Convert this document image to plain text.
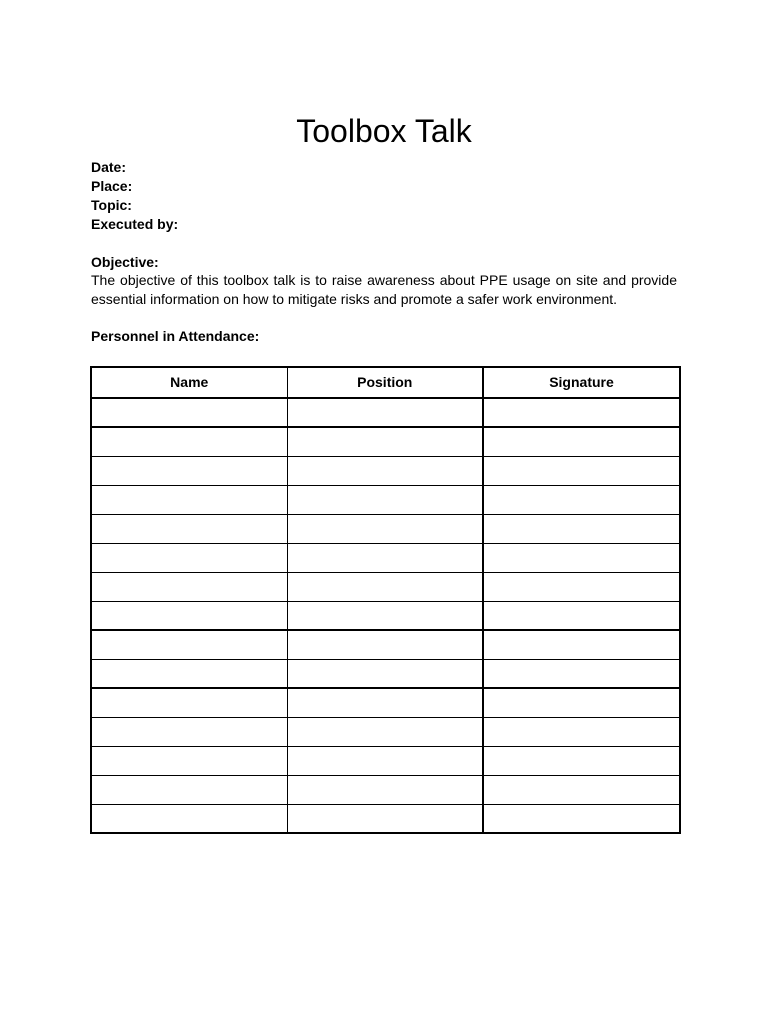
Toolbox Talk
Date:
Place:
Topic:
Executed by:
Objective:

The objective of this toolbox talk is to raise awareness about PPE usage on site and provide essential information on how to mitigate risks and promote a safer work environment.

Personnel in Attendance:
Name	Position	Signature
